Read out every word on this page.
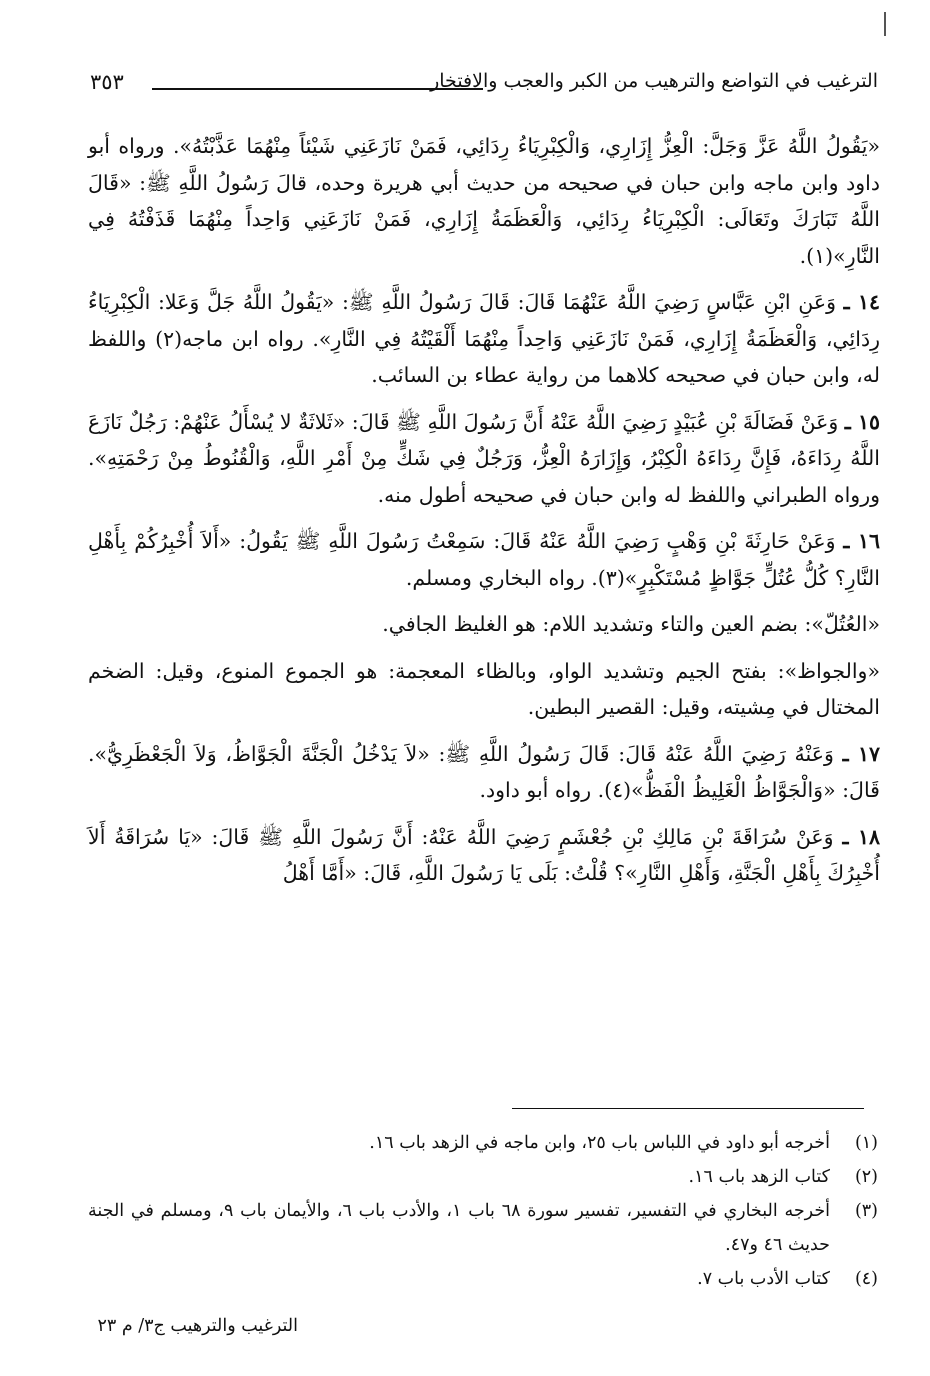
الترغيب في التواضع والترهيب من الكبر والعجب والافتخار
٣٥٣

«يَقُولُ اللَّهُ عَزَّ وَجَلَّ: الْعِزُّ إِزَارِي، وَالْكِبْرِيَاءُ رِدَائِي، فَمَنْ نَازَعَنِي شَيْئاً مِنْهُمَا عَذَّبْتُهُ». ورواه أبو داود وابن ماجه وابن حبان في صحيحه من حديث أبي هريرة وحده، قالَ رَسُولُ اللَّهِ ﷺ: «قَالَ اللَّهُ تَبَارَكَ وتَعَالَى: الْكِبْرِيَاءُ رِدَائِي، وَالْعَظَمَةُ إِزَارِي، فَمَنْ نَازَعَنِي وَاحِداً مِنْهُمَا قَذَفْتُهُ فِي النَّارِ»(١).

١٤ ـ وَعَنِ ابْنِ عَبَّاسٍ رَضِيَ اللَّهُ عَنْهُمَا قَالَ: قَالَ رَسُولُ اللَّهِ ﷺ: «يَقُولُ اللَّهُ جَلَّ وَعَلا: الْكِبْرِيَاءُ رِدَائِي، وَالْعَظَمَةُ إِزَارِي، فَمَنْ نَازَعَنِي وَاحِداً مِنْهُمَا أَلْقَيْتُهُ فِي النَّارِ». رواه ابن ماجه(٢) واللفظ له، وابن حبان في صحيحه كلاهما من رواية عطاء بن السائب.

١٥ ـ وَعَنْ فَضَالَةَ بْنِ عُبَيْدٍ رَضِيَ اللَّهُ عَنْهُ أَنَّ رَسُولَ اللَّهِ ﷺ قَالَ: «ثَلاثَةٌ لا يُسْأَلُ عَنْهُمْ: رَجُلٌ نَازَعَ اللَّهُ رِدَاءَهُ، فَإِنَّ رِدَاءَهُ الْكِبْرُ، وَإِزَارَهُ الْعِزُّ، وَرَجُلٌ فِي شَكٍّ مِنْ أَمْرِ اللَّهِ، وَالْقُنُوطُ مِنْ رَحْمَتِهِ». ورواه الطبراني واللفظ له وابن حبان في صحيحه أطول منه.

١٦ ـ وَعَنْ حَارِثَةَ بْنِ وَهْبٍ رَضِيَ اللَّهُ عَنْهُ قَالَ: سَمِعْتُ رَسُولَ اللَّهِ ﷺ يَقُولُ: «أَلاَ أُخْبِرُكُمْ بِأَهْلِ النَّارِ؟ كُلُّ عُتُلٍّ جَوَّاظٍ مُسْتَكْبِرٍ»(٣). رواه البخاري ومسلم.

«العُتُلّ»: بضم العين والتاء وتشديد اللام: هو الغليظ الجافي.

«والجواظ»: بفتح الجيم وتشديد الواو، وبالظاء المعجمة: هو الجموع المنوع، وقيل: الضخم المختال في مِشيته، وقيل: القصير البطين.

١٧ ـ وَعَنْهُ رَضِيَ اللَّهُ عَنْهُ قَالَ: قَالَ رَسُولُ اللَّهِ ﷺ: «لاَ يَدْخُلُ الْجَنَّةَ الْجَوَّاظُ، وَلاَ الْجَعْظَرِيُّ». قَالَ: «وَالْجَوَّاظُ الْغَلِيظُ الْفَظُّ»(٤). رواه أبو داود.

١٨ ـ وَعَنْ سُرَاقَةَ بْنِ مَالِكِ بْنِ جُعْشَمٍ رَضِيَ اللَّهُ عَنْهُ: أَنَّ رَسُولَ اللَّهِ ﷺ قَالَ: «يَا سُرَاقَةُ أَلاَ أُخْبِرُكَ بِأَهْلِ الْجَنَّةِ، وَأَهْلِ النَّارِ»؟ قُلْتُ: بَلَى يَا رَسُولَ اللَّهِ، قَالَ: «أَمَّا أَهْلُ

(١)
أخرجه أبو داود في اللباس باب ٢٥، وابن ماجه في الزهد باب ١٦.
(٢)
كتاب الزهد باب ١٦.
(٣)
أخرجه البخاري في التفسير، تفسير سورة ٦٨ باب ١، والأدب باب ٦، والأيمان باب ٩، ومسلم في الجنة حديث ٤٦ و٤٧.
(٤)
كتاب الأدب باب ٧.
الترغيب والترهيب ج٣/ م ٢٣
